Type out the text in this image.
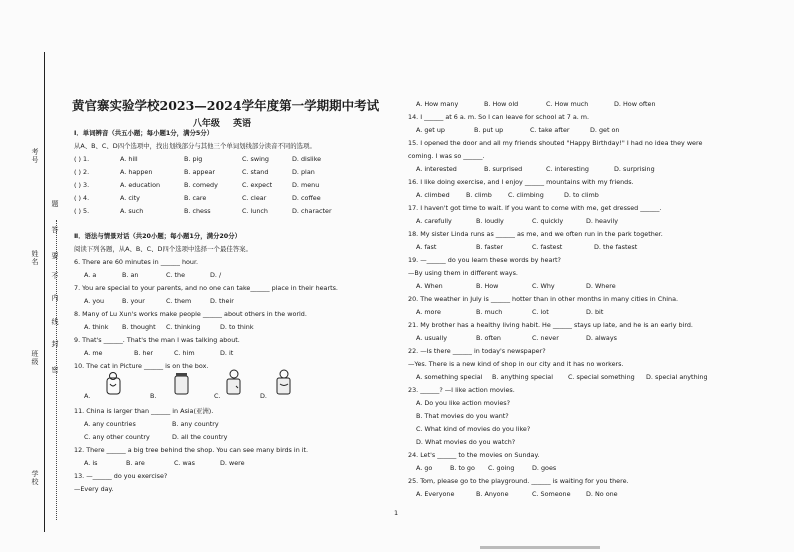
考号
姓名
班级
学校
题
答
要
不
内
线
封
密
黄官寨实验学校2023—2024学年度第一学期期中考试
八年级 英语
Ⅰ．单词辨音（共五小题；每小题1分，满分5分）
从A、B、C、D四个选项中，找出划线部分与其他三个单词划线部分读音不同的选项。
( ) 1.	A. hill	B. pig	C. swing	D. dislike
( ) 2.	A. happen	B. appear	C. stand	D. plan
( ) 3.	A. education	B. comedy	C. expect	D. menu
( ) 4.	A. city	B. care	C. clear	D. coffee
( ) 5.	A. such	B. chess	C. lunch	D. character
Ⅱ．语法与情景对话（共20小题；每小题1分，满分20分）
阅读下列各题，从A、B、C、D四个选项中选择一个最佳答案。
6. There are 60 minutes in ______ hour.
A. a	B. an	C. the	D. /
7. You are special to your parents, and no one can take______ place in their hearts.
A. you	B. your	C. them	D. their
8. Many of Lu Xun's works make people ______ about others in the world.
A. think B. thought C. thinking	D. to think
9. That's ______. That's the man I was talking about.
A. me	B. her	C. him	D. it
10. The cat in Picture ______ is on the box.
A.	B.	C.	D.
11. China is larger than ______ in Asia(亚洲).
A. any countries	B. any country
C. any other country	D. all the country
12. There ______ a big tree behind the shop. You can see many birds in it.
A. is	B. are	C. was	D. were
13. —______ do you exercise?
—Every day.
A. How many	B. How old	C. How much	D. How often
14. I ______ at 6 a. m. So I can leave for school at 7 a. m.
A. get up	B. put up	C. take after	D. get on
15. I opened the door and all my friends shouted "Happy Birthday!" I had no idea they were
coming. I was so ______.
A. interested	B. surprised	C. interesting	D. surprising
16. I like doing exercise, and I enjoy ______ mountains with my friends.
A. climbed	B. climb	C. climbing	D. to climb
17. I haven't got time to wait. If you want to come with me, get dressed ______.
A. carefully	B. loudly	C. quickly	D. heavily
18. My sister Linda runs as ______ as me, and we often run in the park together.
A. fast	B. faster	C. fastest	D. the fastest
19. —______ do you learn these words by heart?
—By using them in different ways.
A. When	B. How	C. Why	D. Where
20. The weather in July is ______ hotter than in other months in many cities in China.
A. more	B. much	C. lot	D. bit
21. My brother has a healthy living habit. He ______ stays up late, and he is an early bird.
A. usually	B. often	C. never	D. always
22. —Is there ______ in today's newspaper?
—Yes. There is a new kind of shop in our city and it has no workers.
A. something special B. anything special C. special something D. special anything
23. ______? —I like action movies.
A. Do you like action movies?
B. That movies do you want?
C. What kind of movies do you like?
D. What movies do you watch?
24. Let's ______ to the movies on Sunday.
A. go	B. to go C. going	D. goes
25. Tom, please go to the playground. ______ is waiting for you there.
A. Everyone	B. Anyone	C. Someone D. No one
1
